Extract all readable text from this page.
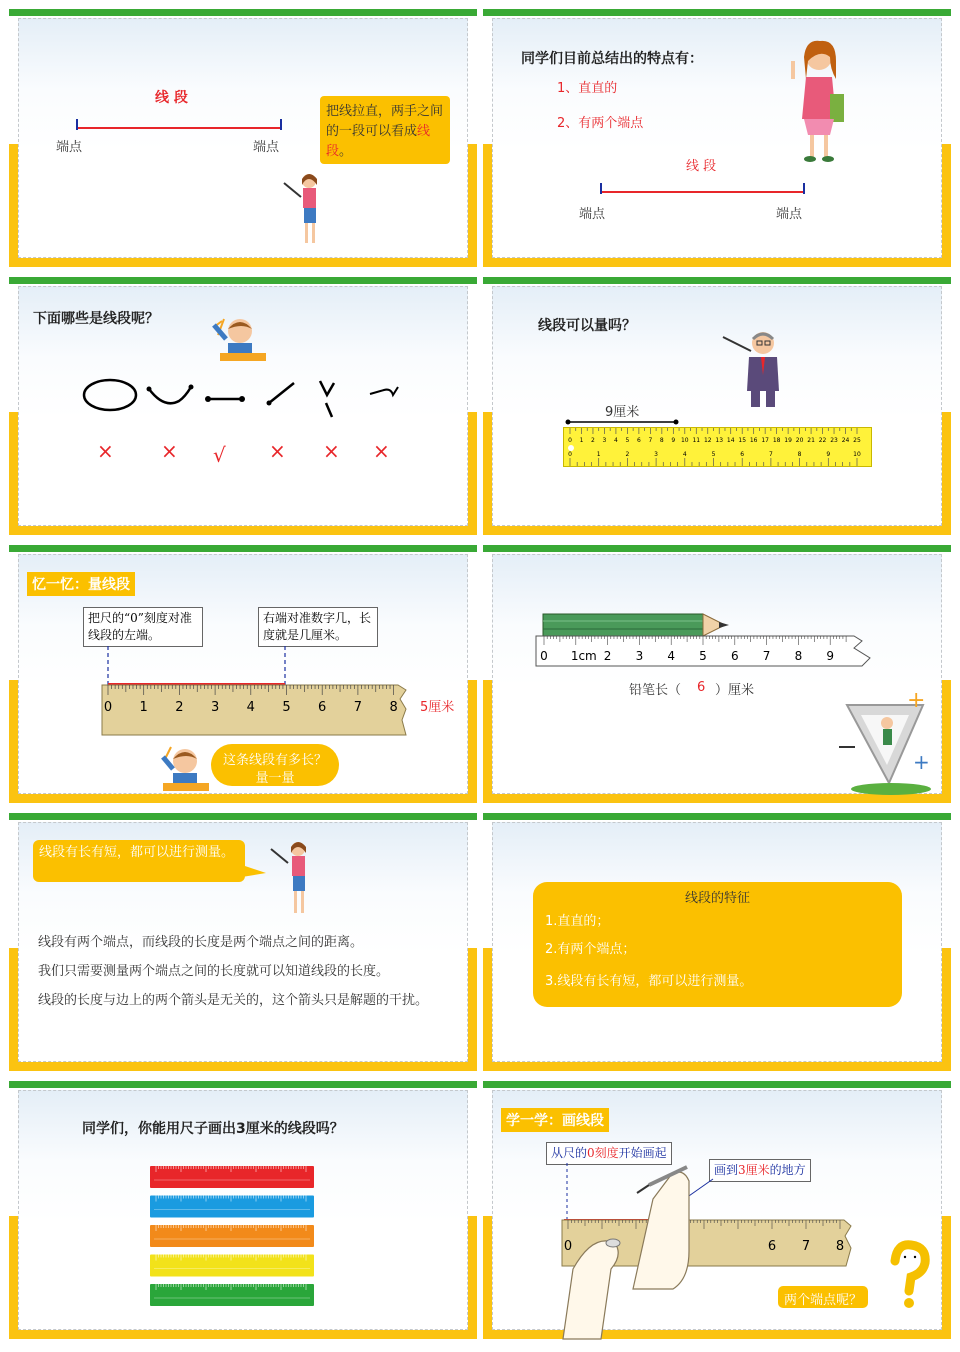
线 段
端点	端点
把线拉直，两手之间的一段可以看成线段。
同学们目前总结出的特点有：
1、直直的
2、有两个端点
线 段
端点	端点
下面哪些是线段呢？
× × √ × × ×
线段可以量吗？
9厘米
0 1 2 3 4 5 6 7 8 9 10 11 12 13 14 15 16 17 18 19 20 21 22 23 24 25
0	1	2	3	4	5	6	7	8	9	10
忆一忆：量线段
把尺的“0”刻度对准线段的左端。
右端对准数字几，长度就是几厘米。
0 1 2 3 4 5 6 7 8 5厘米
这条线段有多长？
量一量
0 1cm 2 3 4 5 6 7 8 9
铅笔长（ 6 ）厘米	+
+
线段有长有短，都可以进行测量。
线段有两个端点，而线段的长度是两个端点之间的距离。
我们只需要测量两个端点之间的长度就可以知道线段的长度。
线段的长度与边上的两个箭头是无关的，这个箭头只是解题的干扰。
线段的特征
1.直直的；
2.有两个端点；
3.线段有长有短，都可以进行测量。
同学们，你能用尺子画出3厘米的线段吗？	学一学：画线段
从尺的0刻度开始画起
画到3厘米的地方
0	6 7 8
两个端点呢？
